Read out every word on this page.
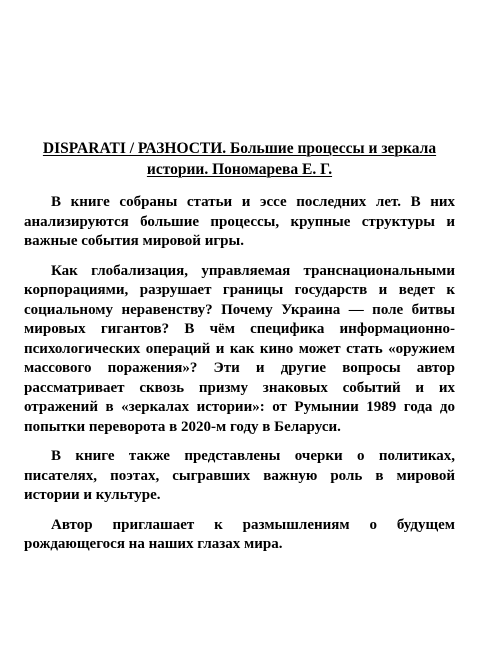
DISPARATI / РАЗНОСТИ. Большие процессы и зеркала истории. Пономарева Е. Г.

В книге собраны статьи и эссе последних лет. В них анализируются большие процессы, крупные структуры и важные события мировой игры.

Как глобализация, управляемая транснациональными корпорациями, разрушает границы государств и ведет к социальному неравенству? Почему Украина — поле битвы мировых гигантов? В чём специфика информационно-психологических операций и как кино может стать «оружием массового поражения»? Эти и другие вопросы автор рассматривает сквозь призму знаковых событий и их отражений в «зеркалах истории»: от Румынии 1989 года до попытки переворота в 2020-м году в Беларуси.

В книге также представлены очерки о политиках, писателях, поэтах, сыгравших важную роль в мировой истории и культуре.

Автор приглашает к размышлениям о будущем рождающегося на наших глазах мира.
